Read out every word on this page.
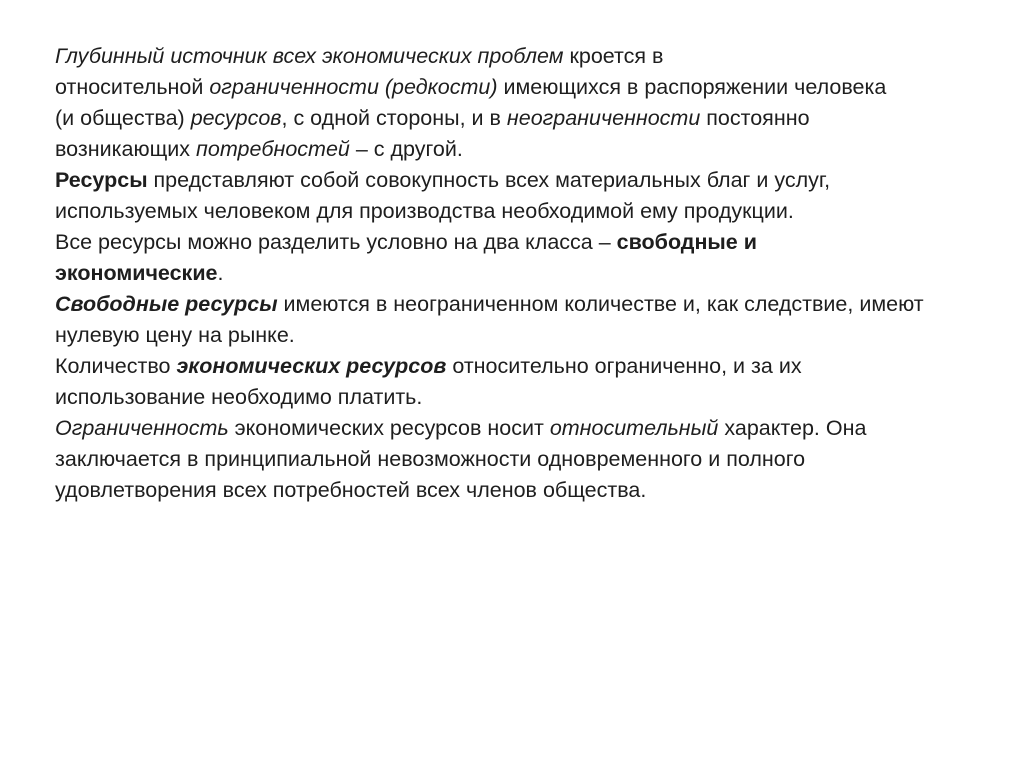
Глубинный источник всех экономических проблем кроется в
относительной ограниченности (редкости) имеющихся в распоряжении человека
(и общества) ресурсов, с одной стороны, и в неограниченности постоянно
возникающих потребностей – с другой.
Ресурсы представляют собой совокупность всех материальных благ и услуг,
используемых человеком для производства необходимой ему продукции.
Все ресурсы можно разделить условно на два класса – свободные и
экономические.
Свободные ресурсы имеются в неограниченном количестве и, как следствие, имеют
нулевую цену на рынке.
Количество экономических ресурсов относительно ограниченно, и за их
использование необходимо платить.
Ограниченность экономических ресурсов носит относительный характер. Она
заключается в принципиальной невозможности одновременного и полного
удовлетворения всех потребностей всех членов общества.
